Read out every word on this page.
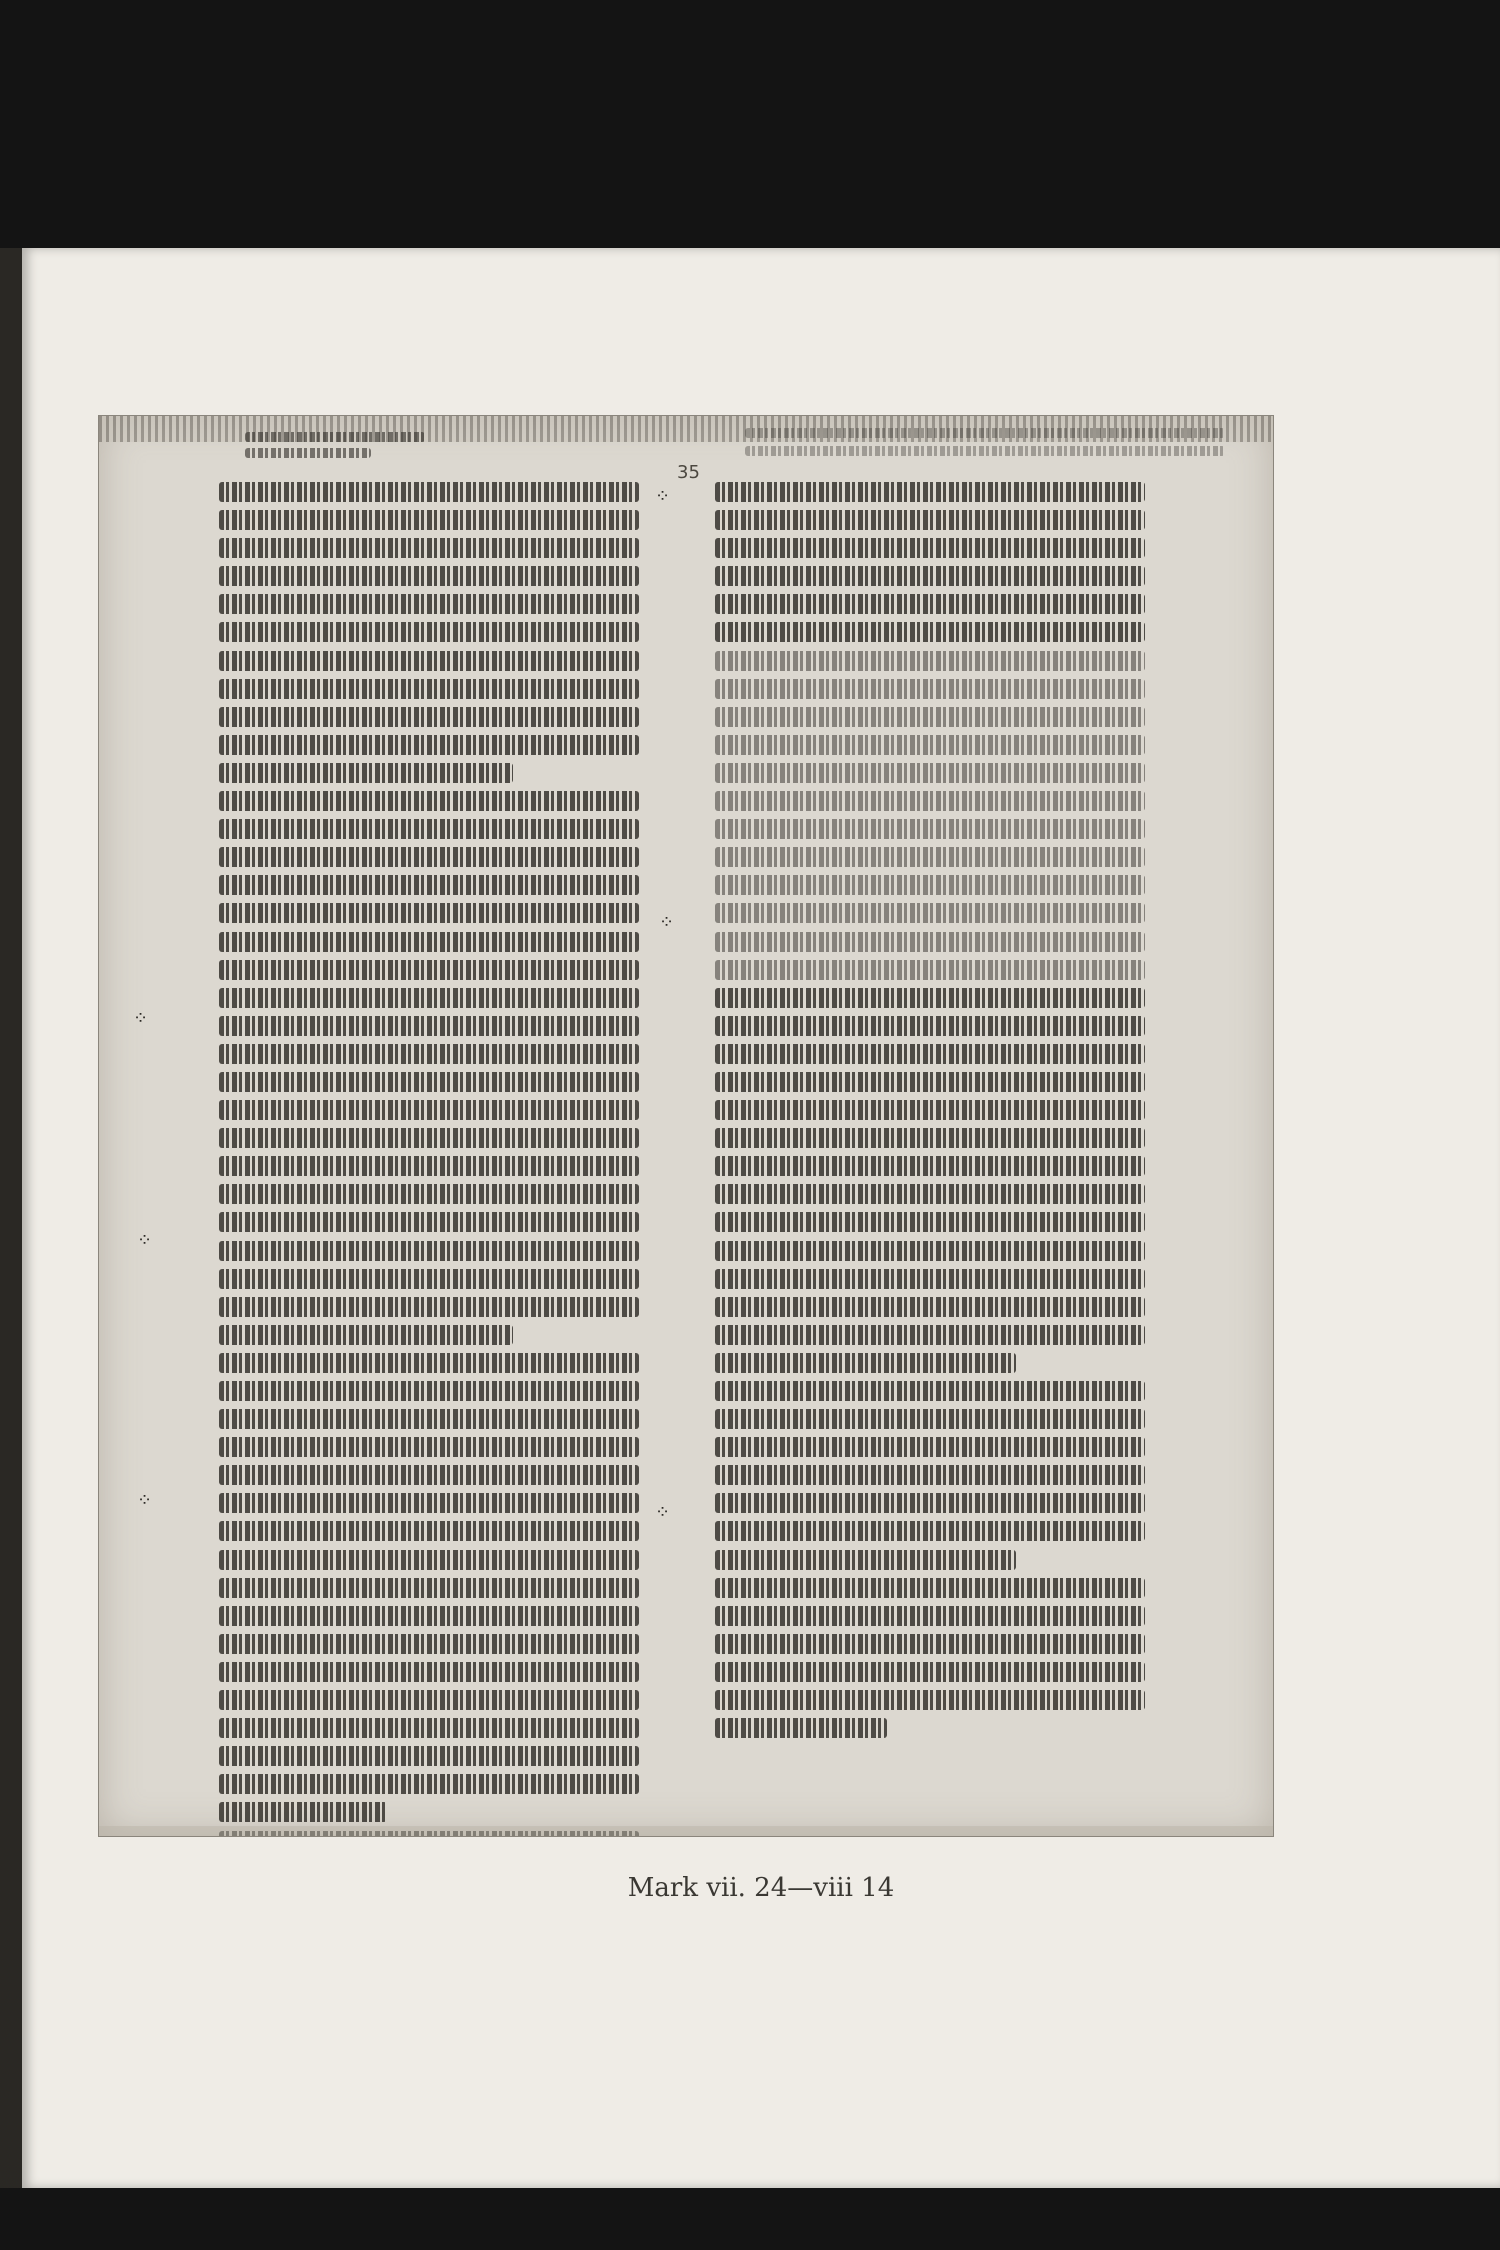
35
⁘
⁘
⁘
⁘
⁘
⁘
Mark vii. 24—viii 14
